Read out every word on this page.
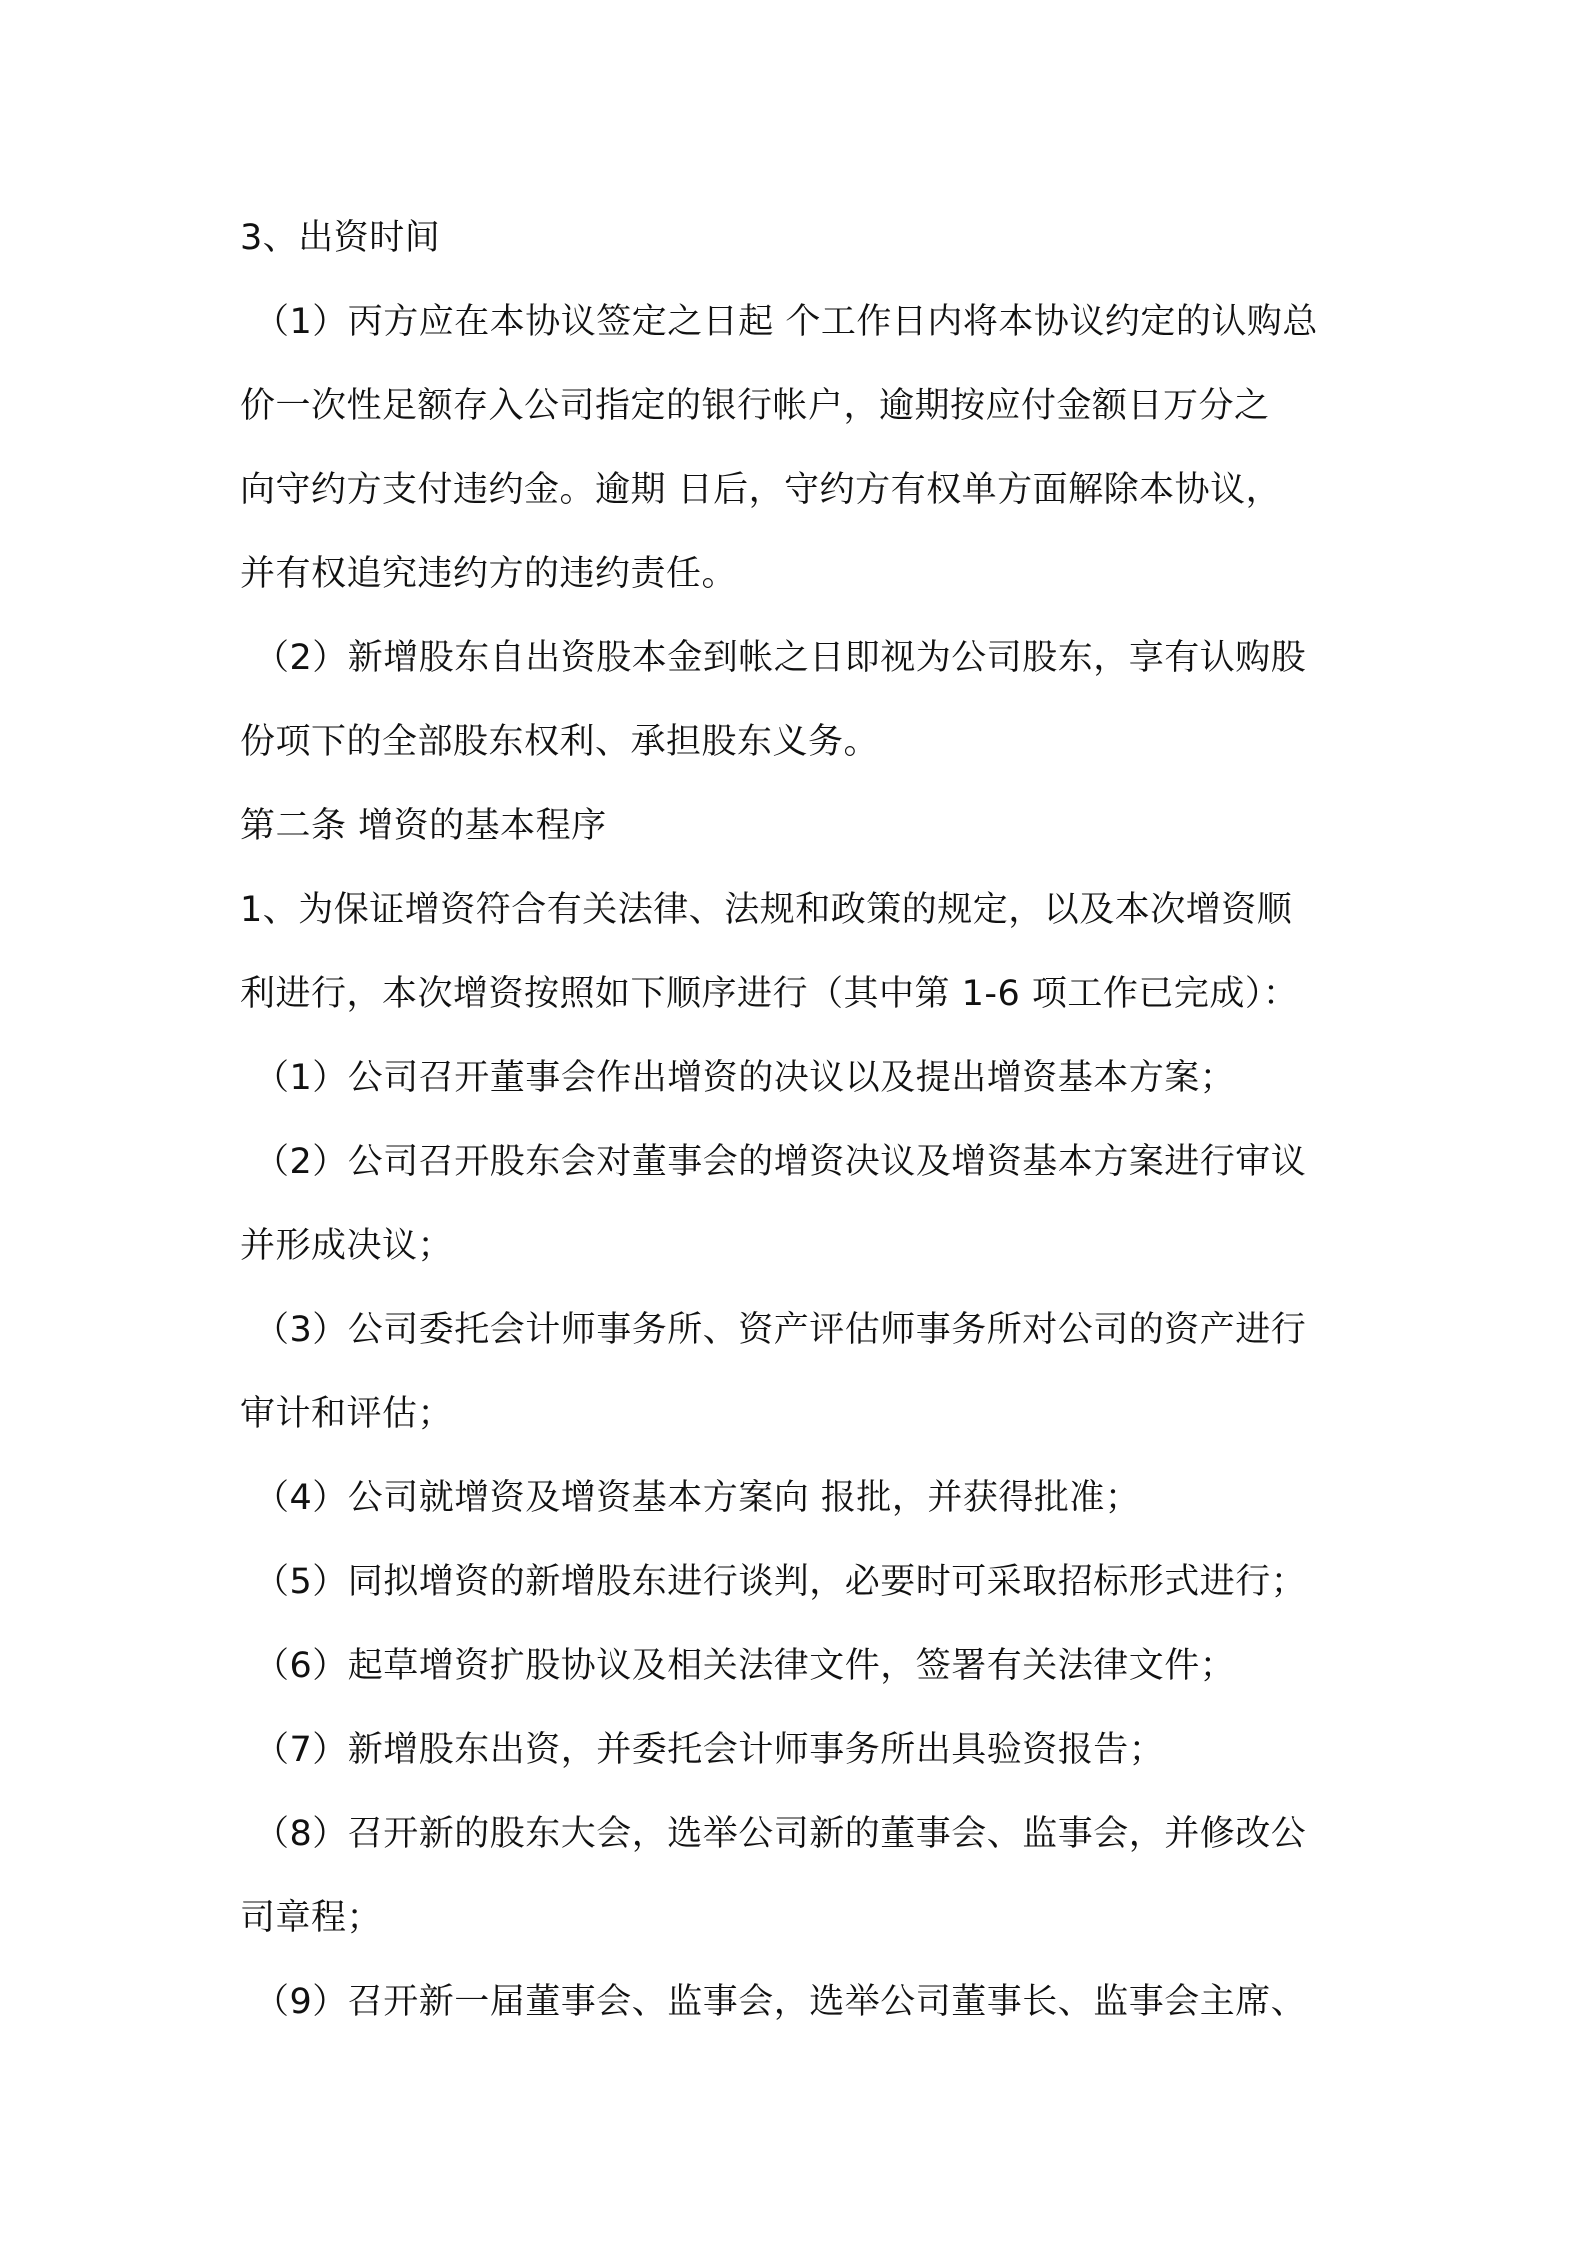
3、出资时间
（1）丙方应在本协议签定之日起 个工作日内将本协议约定的认购总
价一次性足额存入公司指定的银行帐户，逾期按应付金额日万分之
向守约方支付违约金。逾期 日后，守约方有权单方面解除本协议，
并有权追究违约方的违约责任。
（2）新增股东自出资股本金到帐之日即视为公司股东，享有认购股
份项下的全部股东权利、承担股东义务。
第二条 增资的基本程序
1、为保证增资符合有关法律、法规和政策的规定，以及本次增资顺
利进行，本次增资按照如下顺序进行（其中第 1-6 项工作已完成）：
（1）公司召开董事会作出增资的决议以及提出增资基本方案；
（2）公司召开股东会对董事会的增资决议及增资基本方案进行审议
并形成决议；
（3）公司委托会计师事务所、资产评估师事务所对公司的资产进行
审计和评估；
（4）公司就增资及增资基本方案向 报批，并获得批准；
（5）同拟增资的新增股东进行谈判，必要时可采取招标形式进行；
（6）起草增资扩股协议及相关法律文件，签署有关法律文件；
（7）新增股东出资，并委托会计师事务所出具验资报告；
（8）召开新的股东大会，选举公司新的董事会、监事会，并修改公
司章程；
（9）召开新一届董事会、监事会，选举公司董事长、监事会主席、
